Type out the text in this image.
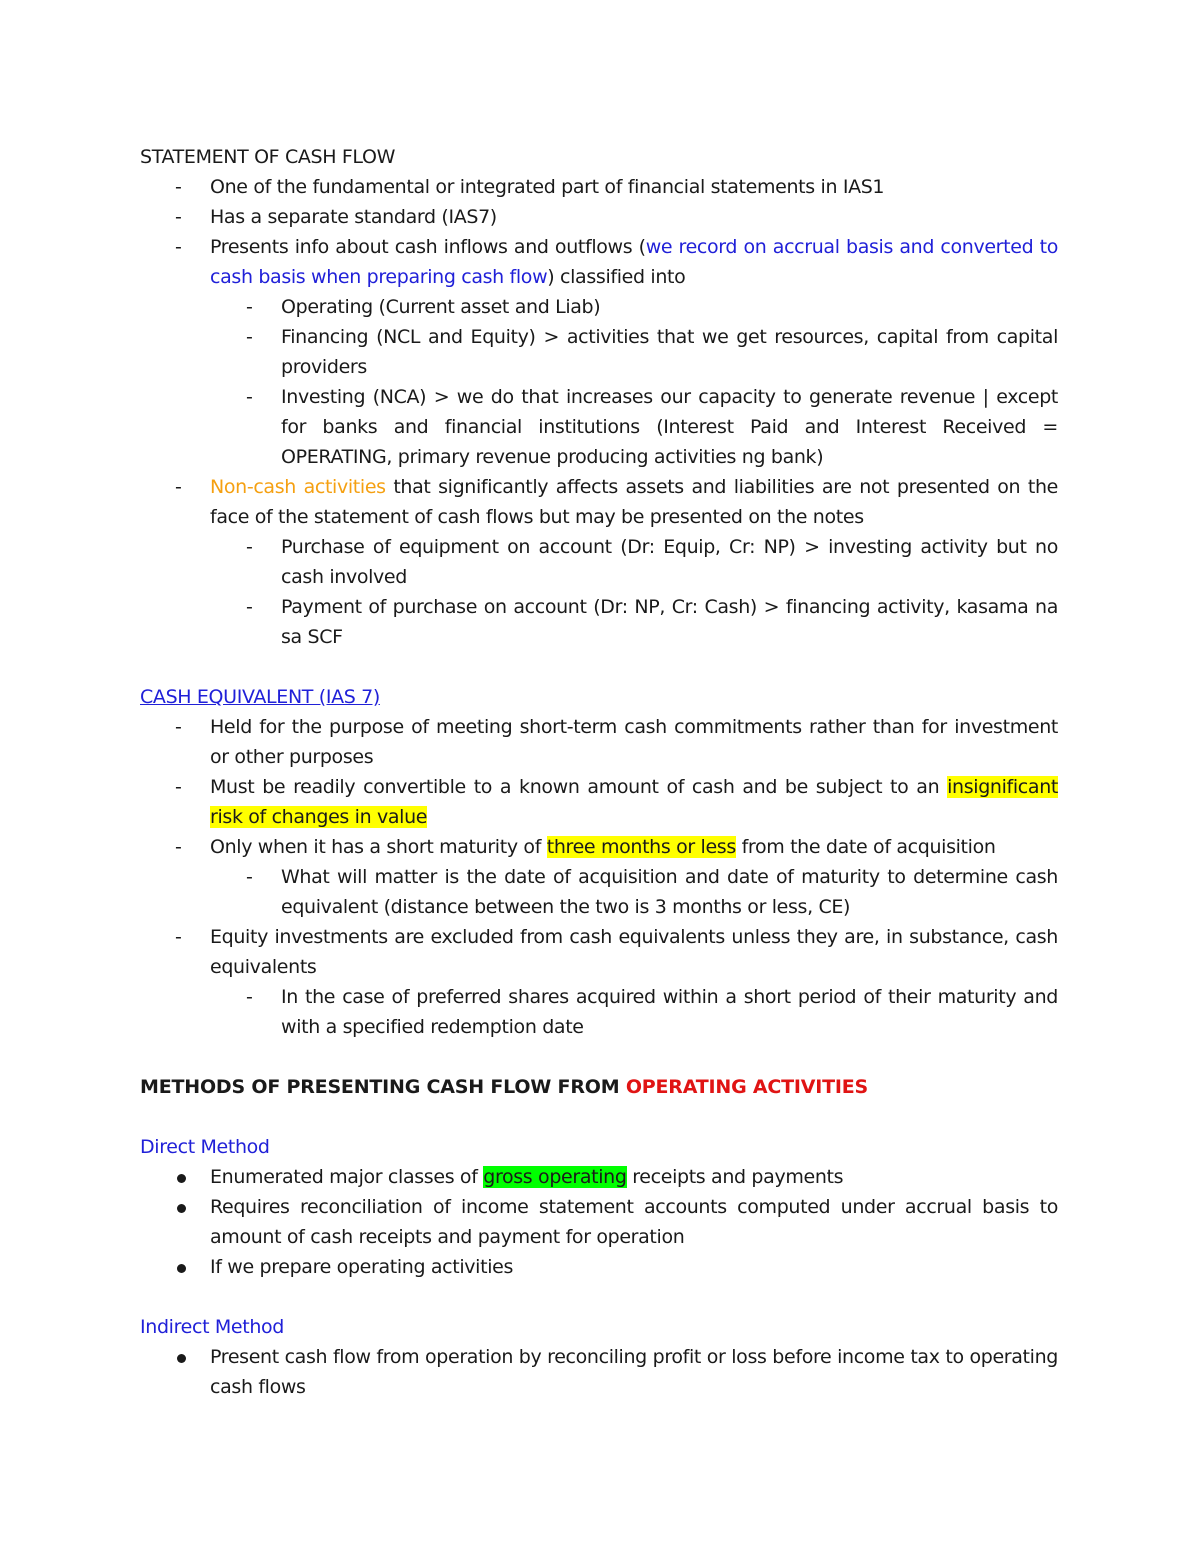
STATEMENT OF CASH FLOW
- One of the fundamental or integrated part of financial statements in IAS1
- Has a separate standard (IAS7)
- Presents info about cash inflows and outflows (we record on accrual basis and converted to cash basis when preparing cash flow) classified into
- Operating (Current asset and Liab)
- Financing (NCL and Equity) > activities that we get resources, capital from capital providers
- Investing (NCA) > we do that increases our capacity to generate revenue | except for banks and financial institutions (Interest Paid and Interest Received = OPERATING, primary revenue producing activities ng bank)
- Non-cash activities that significantly affects assets and liabilities are not presented on the face of the statement of cash flows but may be presented on the notes
- Purchase of equipment on account (Dr: Equip, Cr: NP) > investing activity but no cash involved
- Payment of purchase on account (Dr: NP, Cr: Cash) > financing activity, kasama na sa SCF
CASH EQUIVALENT (IAS 7)
- Held for the purpose of meeting short-term cash commitments rather than for investment or other purposes
- Must be readily convertible to a known amount of cash and be subject to an insignificant risk of changes in value
- Only when it has a short maturity of three months or less from the date of acquisition
- What will matter is the date of acquisition and date of maturity to determine cash equivalent (distance between the two is 3 months or less, CE)
- Equity investments are excluded from cash equivalents unless they are, in substance, cash equivalents
- In the case of preferred shares acquired within a short period of their maturity and with a specified redemption date
METHODS OF PRESENTING CASH FLOW FROM OPERATING ACTIVITIES
Direct Method
Enumerated major classes of gross operating receipts and payments
Requires reconciliation of income statement accounts computed under accrual basis to amount of cash receipts and payment for operation
If we prepare operating activities
Indirect Method
Present cash flow from operation by reconciling profit or loss before income tax to operating cash flows
